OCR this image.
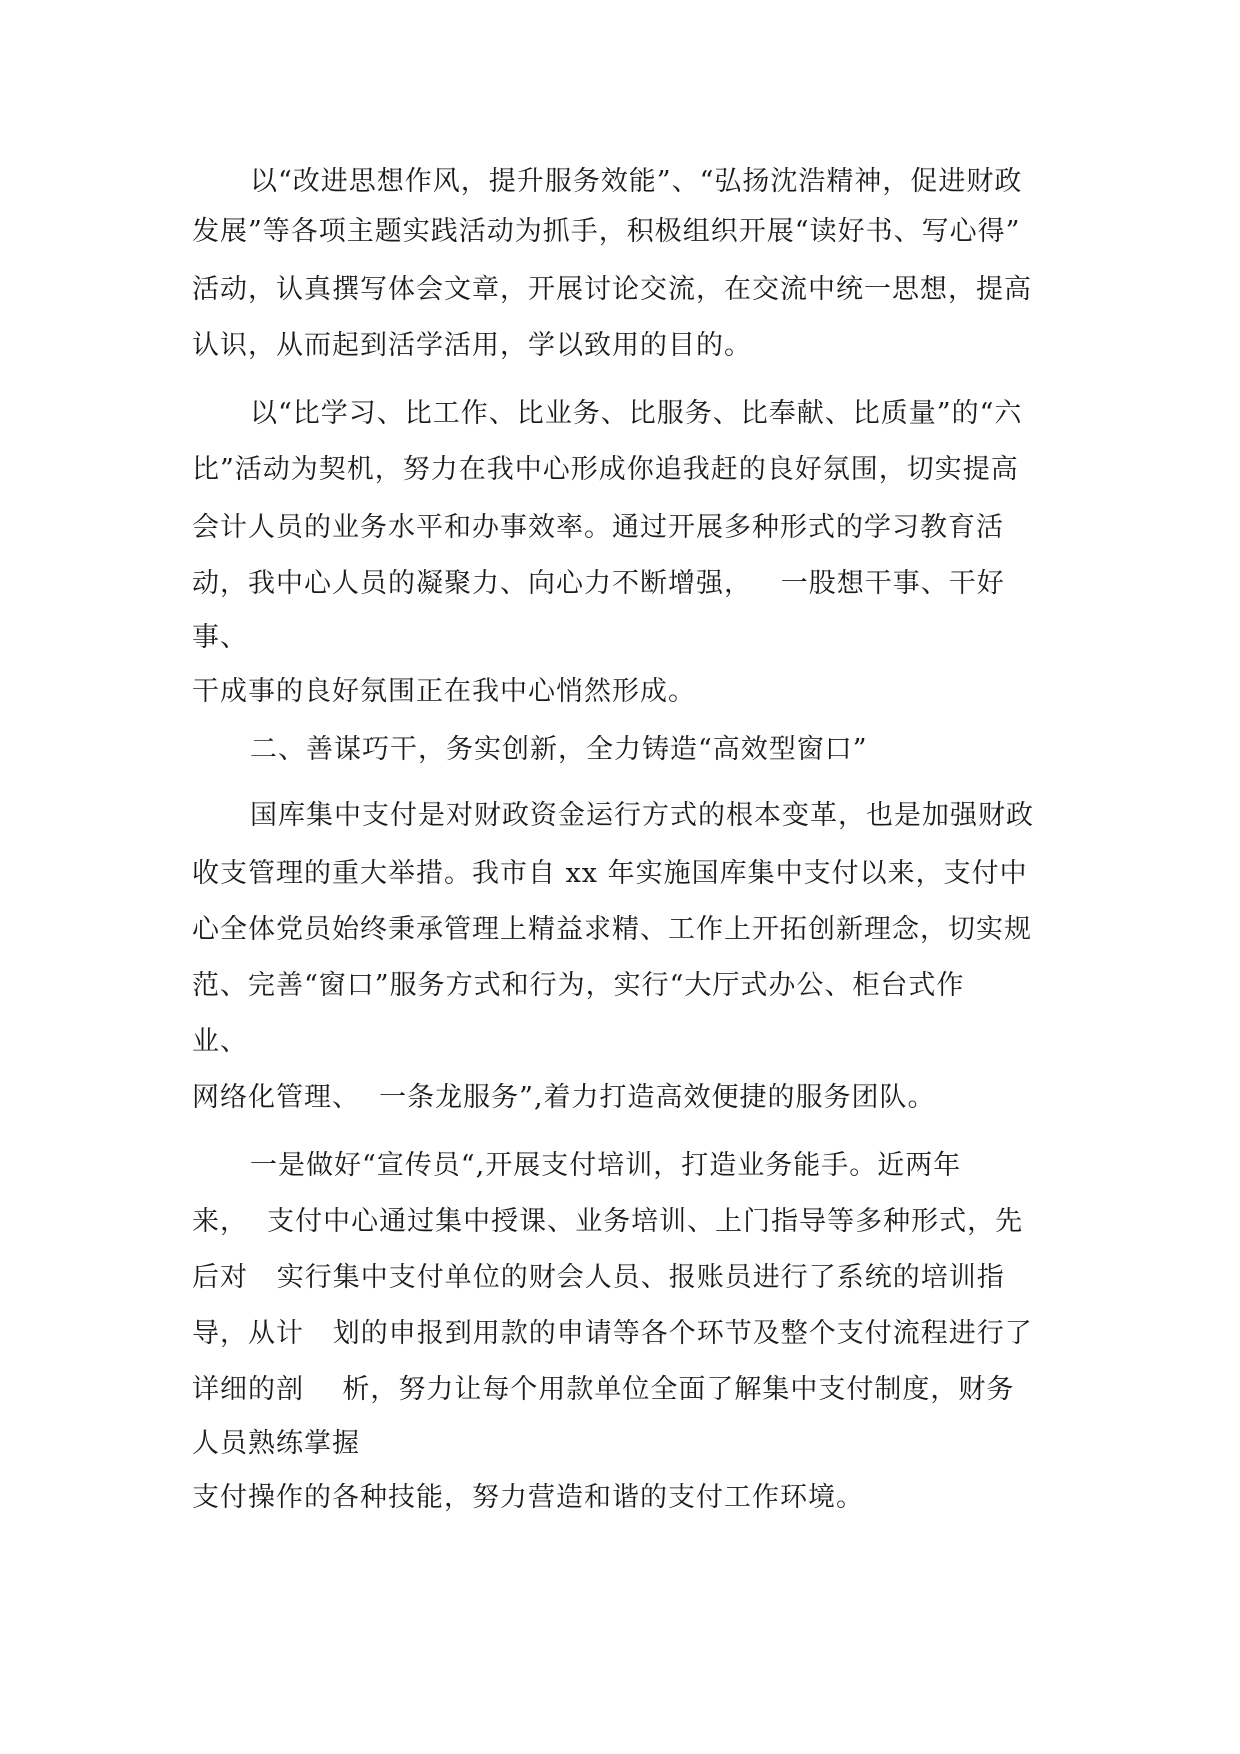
以“改进思想作风，提升服务效能”、“弘扬沈浩精神，促进财政
发展”等各项主题实践活动为抓手，积极组织开展“读好书、写心得”
活动，认真撰写体会文章，开展讨论交流，在交流中统一思想，提高
认识，从而起到活学活用，学以致用的目的。
以“比学习、比工作、比业务、比服务、比奉献、比质量”的“六
比”活动为契机，努力在我中心形成你追我赶的良好氛围，切实提高
会计人员的业务水平和办事效率。通过开展多种形式的学习教育活
动，我中心人员的凝聚力、向心力不断增强，   一股想干事、干好
事、
干成事的良好氛围正在我中心悄然形成。
二、善谋巧干，务实创新，全力铸造“高效型窗口”
国库集中支付是对财政资金运行方式的根本变革，也是加强财政
收支管理的重大举措。我市自 xx 年实施国库集中支付以来，支付中
心全体党员始终秉承管理上精益求精、工作上开拓创新理念，切实规
范、完善“窗口”服务方式和行为，实行“大厅式办公、柜台式作
业、
网络化管理、  一条龙服务”,着力打造高效便捷的服务团队。
一是做好“宣传员“,开展支付培训，打造业务能手。近两年
来，  支付中心通过集中授课、业务培训、上门指导等多种形式，先
后对   实行集中支付单位的财会人员、报账员进行了系统的培训指
导，从计   划的申报到用款的申请等各个环节及整个支付流程进行了
详细的剖    析，努力让每个用款单位全面了解集中支付制度，财务
人员熟练掌握
支付操作的各种技能，努力营造和谐的支付工作环境。
